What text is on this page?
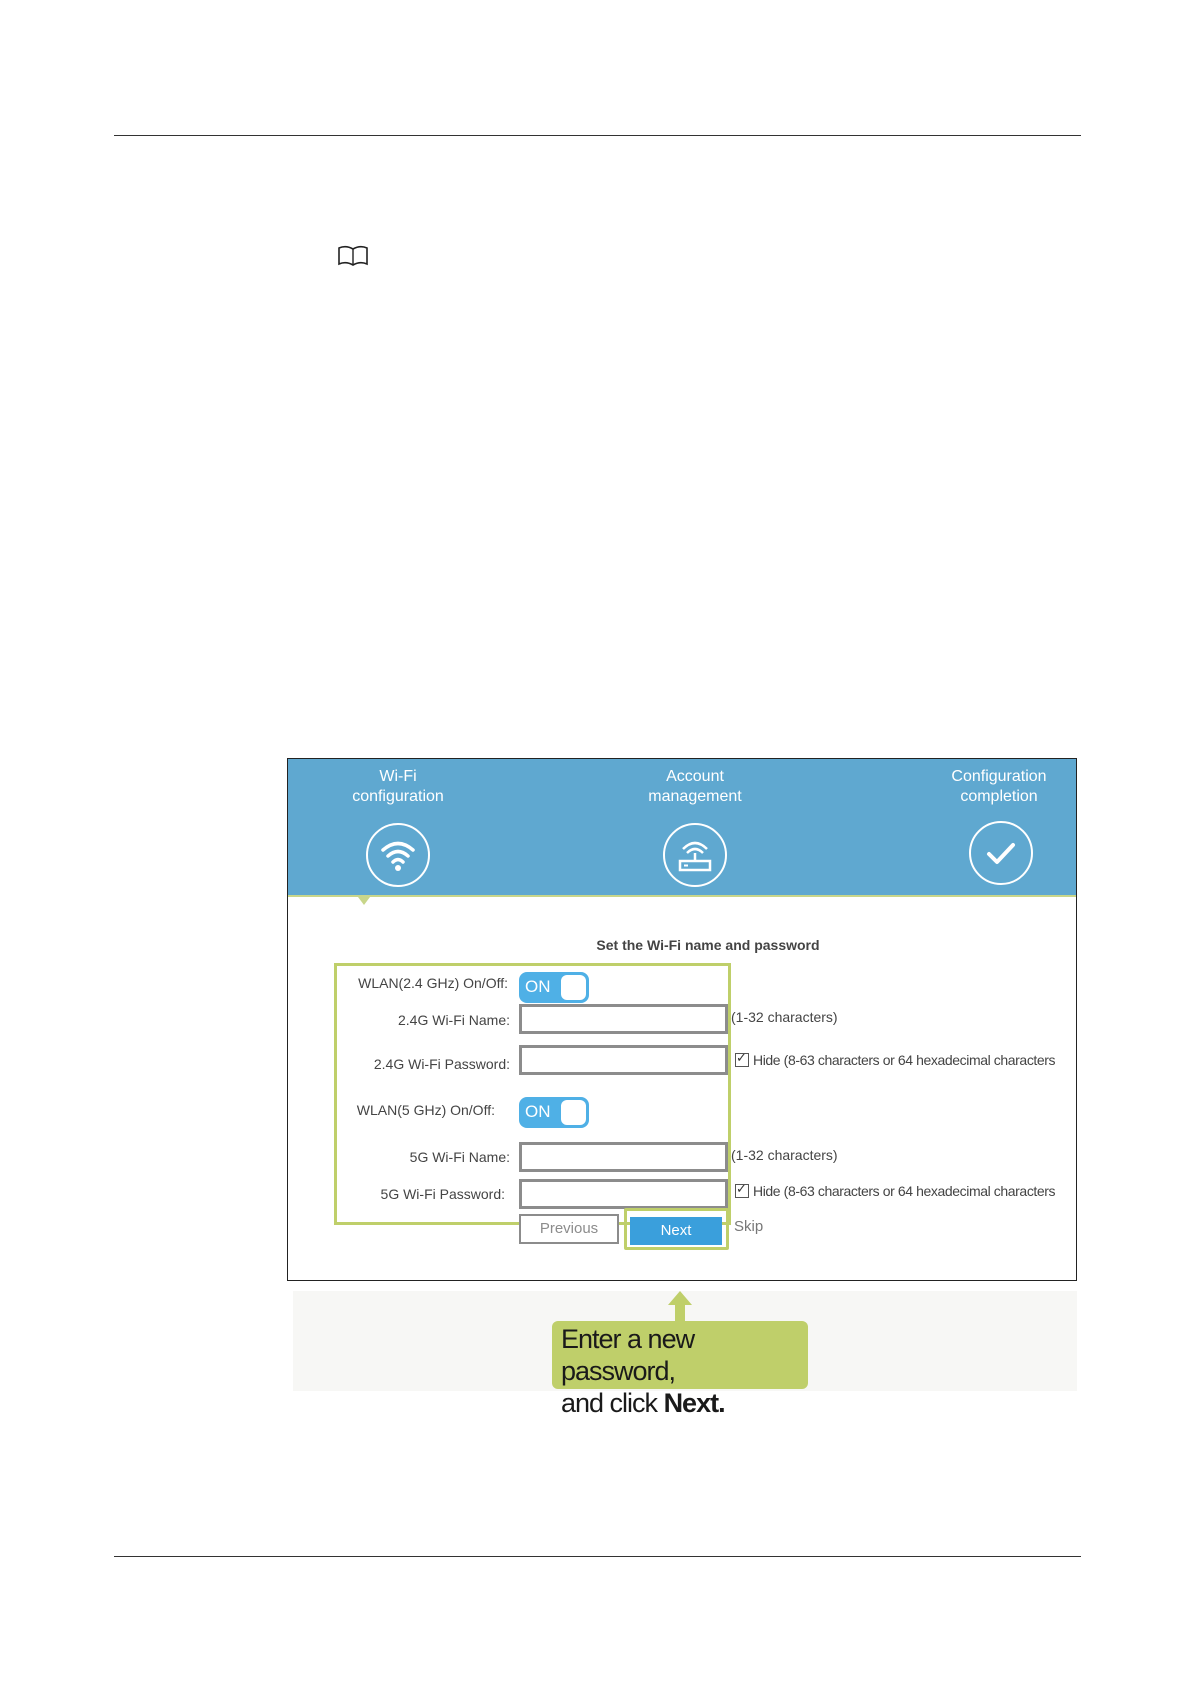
Wi-Fi
configuration
Account
management
Configuration
completion
Set the Wi-Fi name and password
WLAN(2.4 GHz) On/Off: ON
2.4G Wi-Fi Name:	(1-32 characters)
2.4G Wi-Fi Password: ✓	Hide (8-63 characters or 64 hexadecimal characters
WLAN(5 GHz) On/Off: ON
5G Wi-Fi Name:	(1-32 characters)
5G Wi-Fi Password: ✓	Hide (8-63 characters or 64 hexadecimal characters
Previous	Next	Skip
Enter a new password,
and click Next.
